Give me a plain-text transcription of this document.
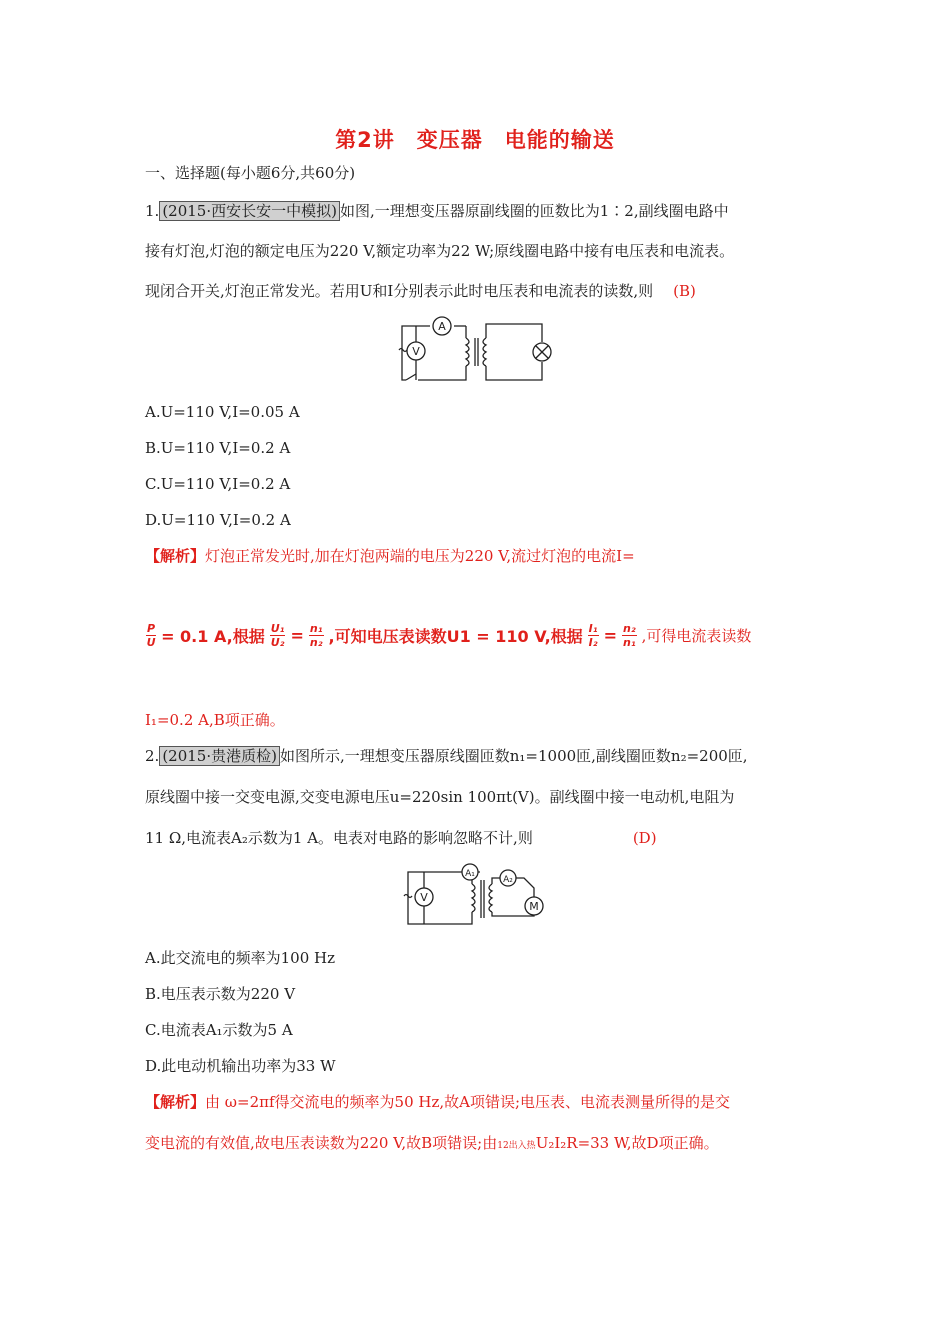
第2讲　变压器　电能的输送
一、选择题(每小题6分,共60分)
1. (2015·西安长安一中模拟) 如图,一理想变压器原副线圈的匝数比为1∶2,副线圈电路中
接有灯泡,灯泡的额定电压为220 V,额定功率为22 W;原线圈电路中接有电压表和电流表。
现闭合开关,灯泡正常发光。若用U和I分别表示此时电压表和电流表的读数,则 (B)
A
V
A.U=110 V,I=0.05 A
B.U=110 V,I=0.2 A
C.U=110 V,I=0.2 A
D.U=110 V,I=0.2 A
【解析】灯泡正常发光时,加在灯泡两端的电压为220 V,流过灯泡的电流I=
$\frac{P}{U} = 0.1$ A,根据 $\frac{\text{U₁}}{\text{U₂}} = \frac{\text{n₁}}{\text{n₂}}$ ,可知电压表读数U1 = 110 V,根据 $\frac{\text{I₁}}{\text{I₂}} = \frac{\text{n₂}}{\text{n₁}}$ ,可得电流表读数
I₁=0.2 A,B项正确。
2. (2015·贵港质检) 如图所示,一理想变压器原线圈匝数n₁=1000匝,副线圈匝数n₂=200匝,
原线圈中接一交变电源,交变电源电压u=220sin 100πt(V)。副线圈中接一电动机,电阻为
11 Ω,电流表A₂示数为1 A。电表对电路的影响忽略不计,则	(D)
A₁
A₂
V
M
A.此交流电的频率为100 Hz
B.电压表示数为220 V
C.电流表A₁示数为5 A
D.此电动机输出功率为33 W
【解析】由 ω=2πf得交流电的频率为50 Hz,故A项错误;电压表、电流表测量所得的是交
变电流的有效值,故电压表读数为220 V,故B项错误;由12出入热U₂I₂R=33 W,故D项正确。
